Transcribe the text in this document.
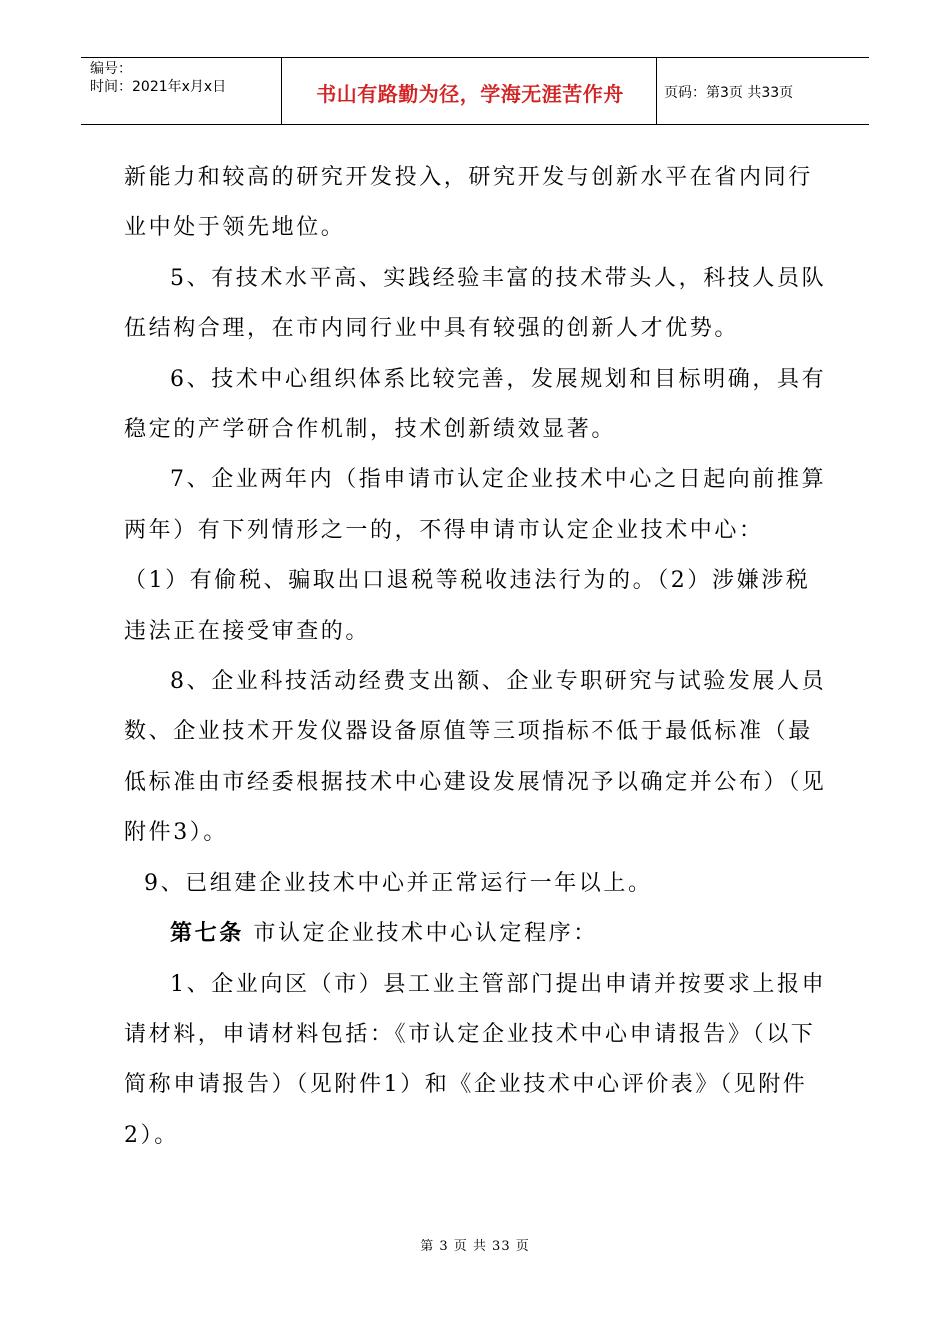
编号：
时间：2021年x月x日	书山有路勤为径，学海无涯苦作舟	页码：第3页 共33页

新能力和较高的研究开发投入，研究开发与创新水平在省内同行业中处于领先地位。

5、有技术水平高、实践经验丰富的技术带头人，科技人员队伍结构合理，在市内同行业中具有较强的创新人才优势。

6、技术中心组织体系比较完善，发展规划和目标明确，具有稳定的产学研合作机制，技术创新绩效显著。

7、企业两年内（指申请市认定企业技术中心之日起向前推算两年）有下列情形之一的，不得申请市认定企业技术中心：

（1）有偷税、骗取出口退税等税收违法行为的。（2）涉嫌涉税违法正在接受审查的。

8、企业科技活动经费支出额、企业专职研究与试验发展人员数、企业技术开发仪器设备原值等三项指标不低于最低标准（最低标准由市经委根据技术中心建设发展情况予以确定并公布）（见附件3）。

9、已组建企业技术中心并正常运行一年以上。

第七条 市认定企业技术中心认定程序：

1、企业向区（市）县工业主管部门提出申请并按要求上报申请材料，申请材料包括：《市认定企业技术中心申请报告》（以下简称申请报告）（见附件1）和《企业技术中心评价表》（见附件2）。

第 3 页 共 33 页
